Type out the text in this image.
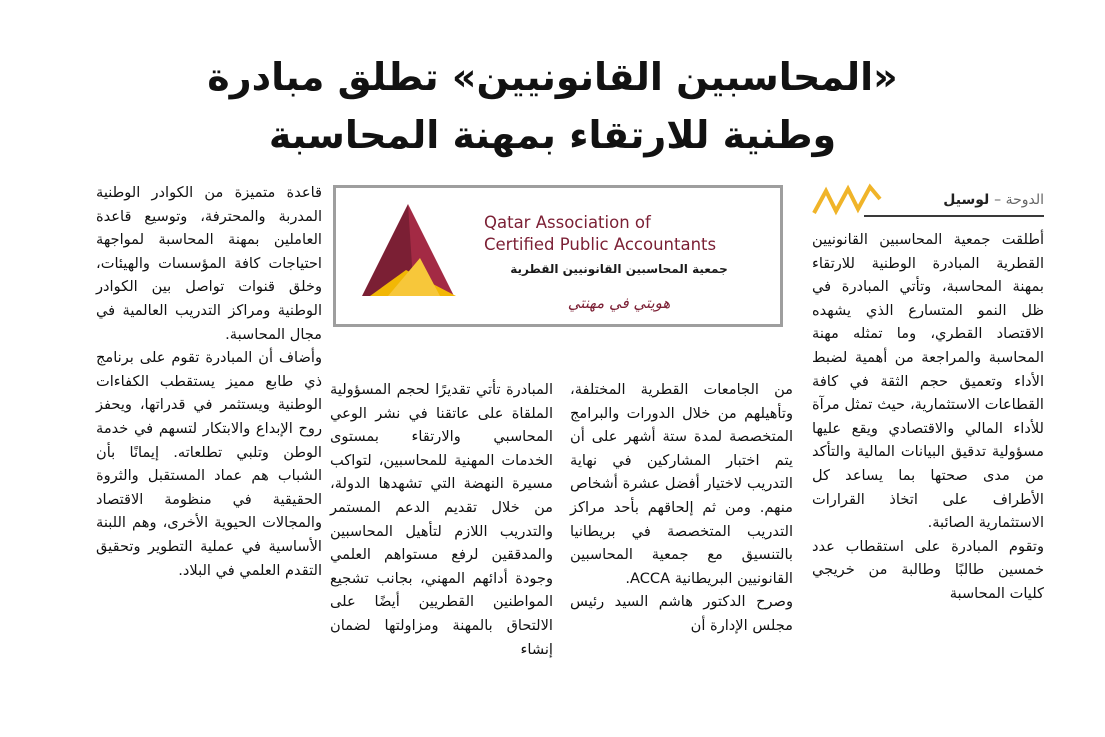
«المحاسبين القانونيين» تطلق مبادرة
وطنية للارتقاء بمهنة المحاسبة
الدوحة – لوسيل
Qatar Association of
Certified Public Accountants
جمعية المحاسبين القانونيين القطرية
هويتي في مهنتي

أطلقت جمعية المحاسبين القانونيين القطرية المبادرة الوطنية للارتقاء بمهنة المحاسبة، وتأتي المبادرة في ظل النمو المتسارع الذي يشهده الاقتصاد القطري، وما تمثله مهنة المحاسبة والمراجعة من أهمية لضبط الأداء وتعميق حجم الثقة في كافة القطاعات الاستثمارية، حيث تمثل مرآة للأداء المالي والاقتصادي ويقع عليها مسؤولية تدقيق البيانات المالية والتأكد من مدى صحتها بما يساعد كل الأطراف على اتخاذ القرارات الاستثمارية الصائبة.

وتقوم المبادرة على استقطاب عدد خمسين طالبًا وطالبة من خريجي كليات المحاسبة

من الجامعات القطرية المختلفة، وتأهيلهم من خلال الدورات والبرامج المتخصصة لمدة ستة أشهر على أن يتم اختبار المشاركين في نهاية التدريب لاختيار أفضل عشرة أشخاص منهم. ومن ثم إلحاقهم بأحد مراكز التدريب المتخصصة في بريطانيا بالتنسيق مع جمعية المحاسبين القانونيين البريطانية ACCA.

وصرح الدكتور هاشم السيد رئيس مجلس الإدارة أن

المبادرة تأتي تقديرًا لحجم المسؤولية الملقاة على عاتقنا في نشر الوعي المحاسبي والارتقاء بمستوى الخدمات المهنية للمحاسبين، لتواكب مسيرة النهضة التي تشهدها الدولة، من خلال تقديم الدعم المستمر والتدريب اللازم لتأهيل المحاسبين والمدققين لرفع مستواهم العلمي وجودة أدائهم المهني، بجانب تشجيع المواطنين القطريين أيضًا على الالتحاق بالمهنة ومزاولتها لضمان إنشاء

قاعدة متميزة من الكوادر الوطنية المدربة والمحترفة، وتوسيع قاعدة العاملين بمهنة المحاسبة لمواجهة احتياجات كافة المؤسسات والهيئات، وخلق قنوات تواصل بين الكوادر الوطنية ومراكز التدريب العالمية في مجال المحاسبة.

وأضاف أن المبادرة تقوم على برنامج ذي طابع مميز يستقطب الكفاءات الوطنية ويستثمر في قدراتها، ويحفز روح الإبداع والابتكار لتسهم في خدمة الوطن وتلبي تطلعاته. إيمانًا بأن الشباب هم عماد المستقبل والثروة الحقيقية في منظومة الاقتصاد والمجالات الحيوية الأخرى، وهم اللبنة الأساسية في عملية التطوير وتحقيق التقدم العلمي في البلاد.
